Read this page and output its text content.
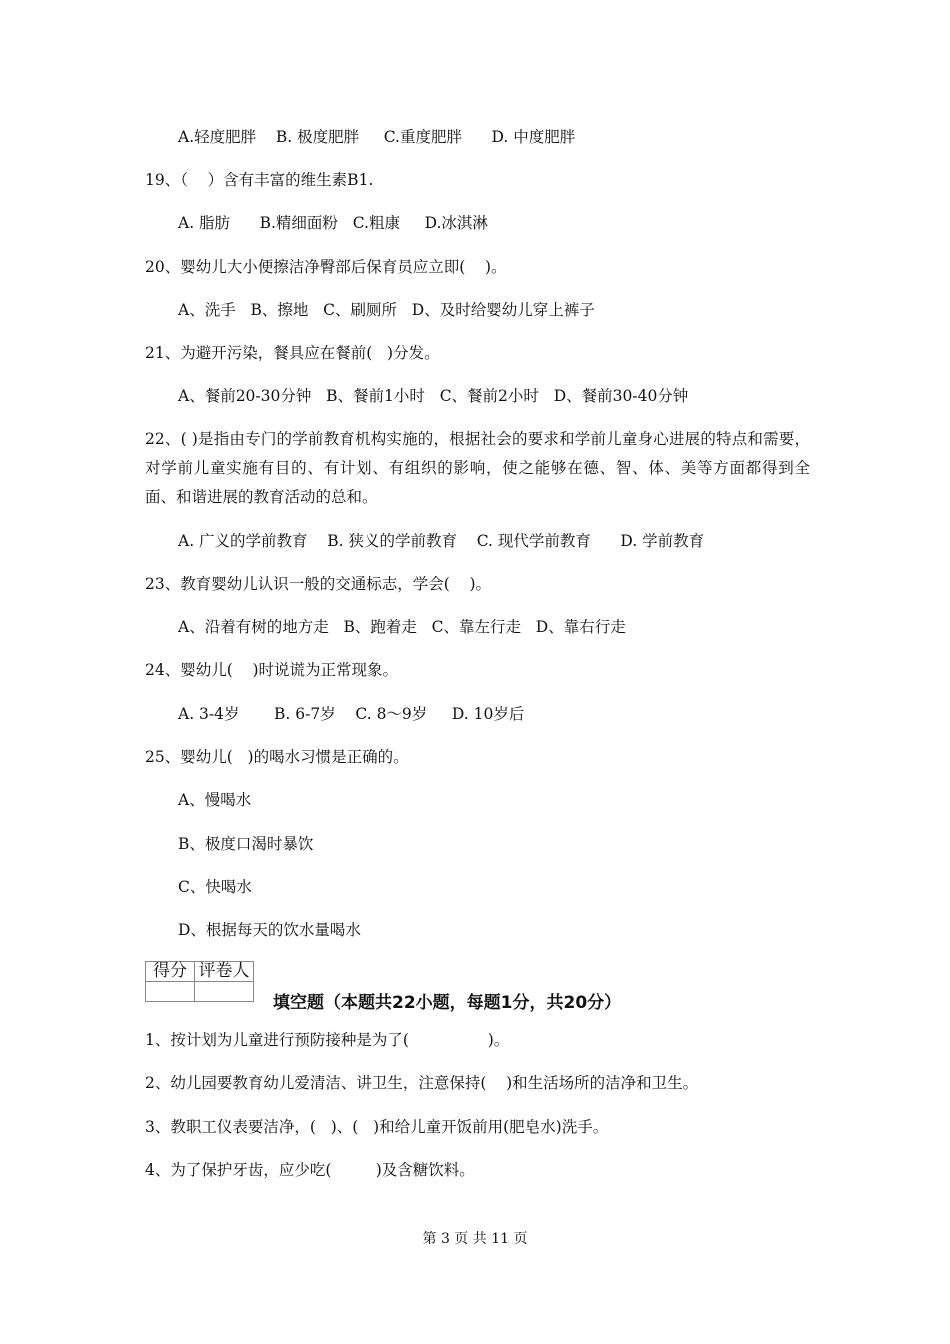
A.轻度肥胖    B. 极度肥胖     C.重度肥胖      D. 中度肥胖
19、（    ）含有丰富的维生素B1.
A. 脂肪      B.精细面粉   C.粗康     D.冰淇淋
20、婴幼儿大小便擦洁净臀部后保育员应立即(    )。
A、洗手   B、擦地   C、刷厕所   D、及时给婴幼儿穿上裤子
21、为避开污染，餐具应在餐前(   )分发。
A、餐前20-30分钟   B、餐前1小时   C、餐前2小时   D、餐前30-40分钟
22、( )是指由专门的学前教育机构实施的，根据社会的要求和学前儿童身心进展的特点和需要，对学前儿童实施有目的、有计划、有组织的影响，使之能够在德、智、体、美等方面都得到全面、和谐进展的教育活动的总和。
A. 广义的学前教育    B. 狭义的学前教育    C. 现代学前教育      D. 学前教育
23、教育婴幼儿认识一般的交通标志，学会(    )。
A、沿着有树的地方走   B、跑着走   C、靠左行走   D、靠右行走
24、婴幼儿(    )时说谎为正常现象。
A. 3-4岁       B. 6-7岁    C. 8～9岁     D. 10岁后
25、婴幼儿(   )的喝水习惯是正确的。
A、慢喝水
B、极度口渴时暴饮
C、快喝水
D、根据每天的饮水量喝水
得分	评卷人

填空题（本题共22小题，每题1分，共20分）
1、按计划为儿童进行预防接种是为了(                )。
2、幼儿园要教育幼儿爱清洁、讲卫生，注意保持(    )和生活场所的洁净和卫生。
3、教职工仪表要洁净，(   )、(   )和给儿童开饭前用(肥皂水)洗手。
4、为了保护牙齿，应少吃(         )及含糖饮料。
第 3 页 共 11 页
